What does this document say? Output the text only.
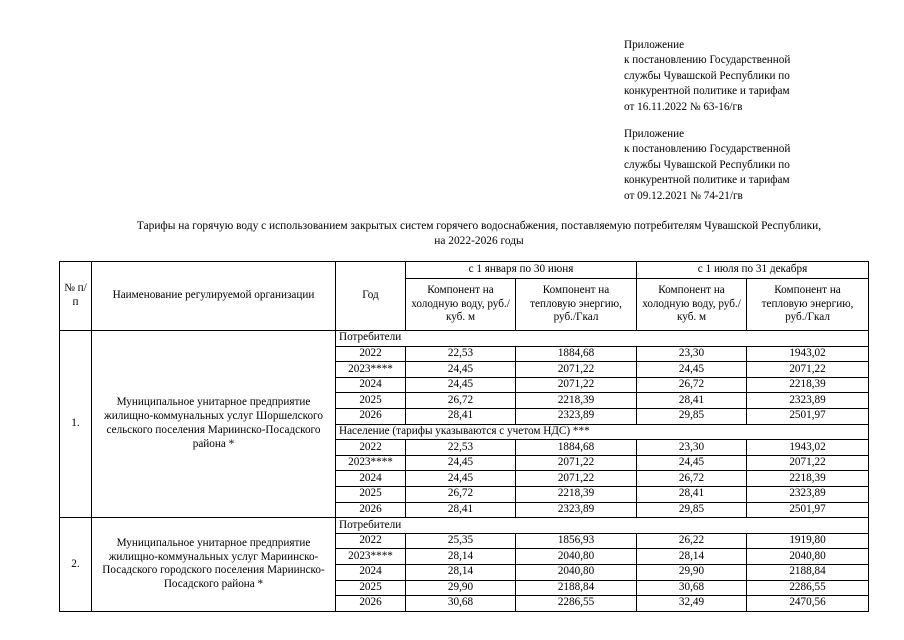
Приложение
к постановлению Государственной
службы Чувашской Республики по
конкурентной политике и тарифам
от 16.11.2022 № 63-16/гв
Приложение
к постановлению Государственной
службы Чувашской Республики по
конкурентной политике и тарифам
от 09.12.2021 № 74-21/гв
Тарифы на горячую воду с использованием закрытых систем горячего водоснабжения, поставляемую потребителям Чувашской Республики,
на 2022-2026 годы
№ п/п	Наименование регулируемой организации	Год	с 1 января по 30 июня		с 1 июля по 31 декабря	
			Компонент на холодную воду, руб./куб. м	Компонент на тепловую энергию, руб./Гкал	Компонент на холодную воду, руб./куб. м	Компонент на тепловую энергию, руб./Гкал
1.	Муниципальное унитарное предприятие жилищно-коммунальных услуг Шоршелского сельского поселения Мариинско-Посадского района *	Потребители				
		2022	22,53	1884,68	23,30	1943,02
		2023****	24,45	2071,22	24,45	2071,22
		2024	24,45	2071,22	26,72	2218,39
		2025	26,72	2218,39	28,41	2323,89
		2026	28,41	2323,89	29,85	2501,97
		Население (тарифы указываются с учетом НДС) ***				
		2022	22,53	1884,68	23,30	1943,02
		2023****	24,45	2071,22	24,45	2071,22
		2024	24,45	2071,22	26,72	2218,39
		2025	26,72	2218,39	28,41	2323,89
		2026	28,41	2323,89	29,85	2501,97
2.	Муниципальное унитарное предприятие жилищно-коммунальных услуг Мариинско-Посадского городского поселения Мариинско-Посадского района *	Потребители				
		2022	25,35	1856,93	26,22	1919,80
		2023****	28,14	2040,80	28,14	2040,80
		2024	28,14	2040,80	29,90	2188,84
		2025	29,90	2188,84	30,68	2286,55
		2026	30,68	2286,55	32,49	2470,56
